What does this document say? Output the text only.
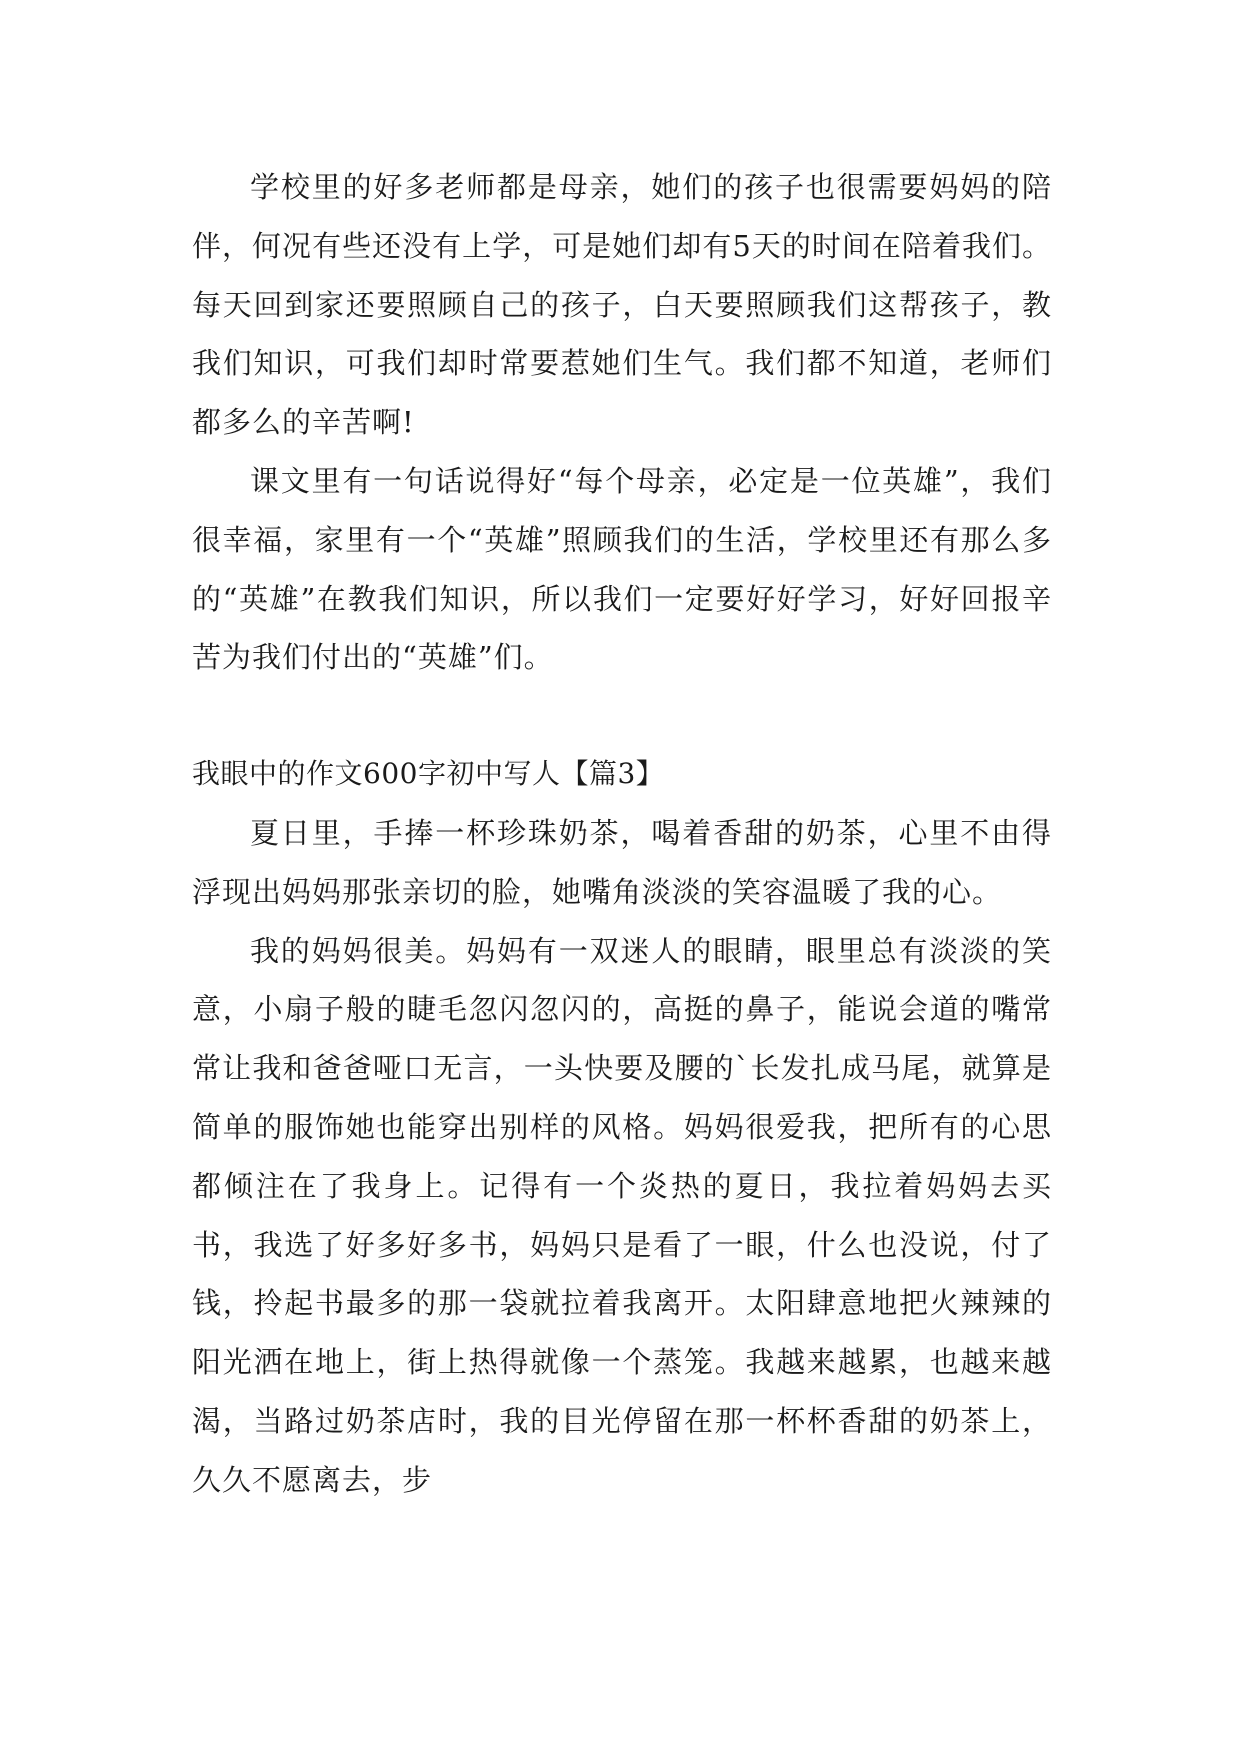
学校里的好多老师都是母亲，她们的孩子也很需要妈妈的陪伴，何况有些还没有上学，可是她们却有5天的时间在陪着我们。每天回到家还要照顾自己的孩子，白天要照顾我们这帮孩子，教我们知识，可我们却时常要惹她们生气。我们都不知道，老师们都多么的辛苦啊!

课文里有一句话说得好“每个母亲，必定是一位英雄”，我们很幸福，家里有一个“英雄”照顾我们的生活，学校里还有那么多的“英雄”在教我们知识，所以我们一定要好好学习，好好回报辛苦为我们付出的“英雄”们。

我眼中的作文600字初中写人【篇3】

夏日里，手捧一杯珍珠奶茶，喝着香甜的奶茶，心里不由得浮现出妈妈那张亲切的脸，她嘴角淡淡的笑容温暖了我的心。

我的妈妈很美。妈妈有一双迷人的眼睛，眼里总有淡淡的笑意，小扇子般的睫毛忽闪忽闪的，高挺的鼻子，能说会道的嘴常常让我和爸爸哑口无言，一头快要及腰的`长发扎成马尾，就算是简单的服饰她也能穿出别样的风格。妈妈很爱我，把所有的心思都倾注在了我身上。记得有一个炎热的夏日，我拉着妈妈去买书，我选了好多好多书，妈妈只是看了一眼，什么也没说，付了钱，拎起书最多的那一袋就拉着我离开。太阳肆意地把火辣辣的阳光洒在地上，街上热得就像一个蒸笼。我越来越累，也越来越渴，当路过奶茶店时，我的目光停留在那一杯杯香甜的奶茶上，久久不愿离去，步
